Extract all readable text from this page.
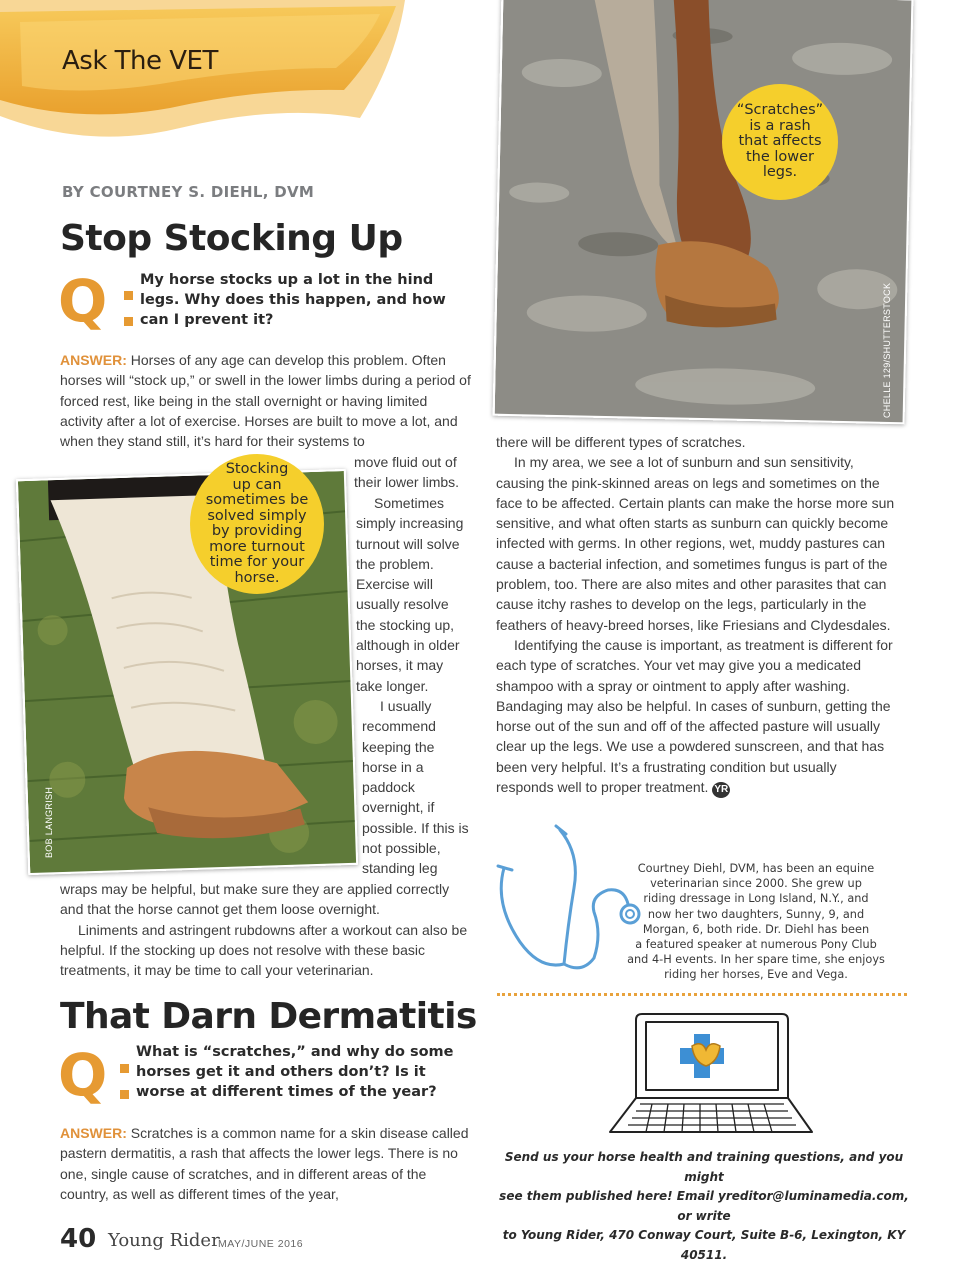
Ask The VET
BY COURTNEY S. DIEHL, DVM
Stop Stocking Up
Q My horse stocks up a lot in the hind legs. Why does this happen, and how can I prevent it?
ANSWER: Horses of any age can develop this problem. Often horses will “stock up,” or swell in the lower limbs during a period of forced rest, like being in the stall overnight or having limited activity after a lot of exercise. Horses are built to move a lot, and when they stand still, it’s hard for their systems to
move fluid out of their lower limbs.
Sometimes simply increasing turnout will solve the problem. Exercise will usually resolve the stocking up, although in older horses, it may take longer.
I usually recommend keeping the horse in a paddock overnight, if possible. If this is not possible, standing leg
wraps may be helpful, but make sure they are applied correctly and that the horse cannot get them loose overnight.
Liniments and astringent rubdowns after a workout can also be helpful. If the stocking up does not resolve with these basic treatments, it may be time to call your veterinarian.
BOB LANGRISH
Stocking
up can
sometimes be
solved simply
by providing
more turnout
time for your
horse.
CHELLE 129/SHUTTERSTOCK
“Scratches”
is a rash
that affects
the lower
legs.
That Darn Dermatitis
Q What is “scratches,” and why do some horses get it and others don’t? Is it worse at different times of the year?
ANSWER: Scratches is a common name for a skin disease called pastern dermatitis, a rash that affects the lower legs. There is no one, single cause of scratches, and in different areas of the country, as well as different times of the year,
there will be different types of scratches.
In my area, we see a lot of sunburn and sun sensitivity, causing the pink-skinned areas on legs and sometimes on the face to be affected. Certain plants can make the horse more sun sensitive, and what often starts as sunburn can quickly become infected with germs. In other regions, wet, muddy pastures can cause a bacterial infection, and sometimes fungus is part of the problem, too. There are also mites and other parasites that can cause itchy rashes to develop on the legs, particularly in the feathers of heavy-breed horses, like Friesians and Clydesdales.
Identifying the cause is important, as treatment is different for each type of scratches. Your vet may give you a medicated shampoo with a spray or ointment to apply after washing. Bandaging may also be helpful. In cases of sunburn, getting the horse out of the sun and off of the affected pasture will usually clear up the legs. We use a powdered sunscreen, and that has been very helpful. It’s a frustrating condition but usually responds well to proper treatment. YR
Courtney Diehl, DVM, has been an equine
veterinarian since 2000. She grew up
riding dressage in Long Island, N.Y., and
now her two daughters, Sunny, 9, and
Morgan, 6, both ride. Dr. Diehl has been
a featured speaker at numerous Pony Club
and 4-H events. In her spare time, she enjoys
riding her horses, Eve and Vega.
Send us your horse health and training questions, and you might
see them published here! Email yreditor@luminamedia.com, or write
to Young Rider, 470 Conway Court, Suite B-6, Lexington, KY 40511.
40 Young Rider
MAY/JUNE 2016
